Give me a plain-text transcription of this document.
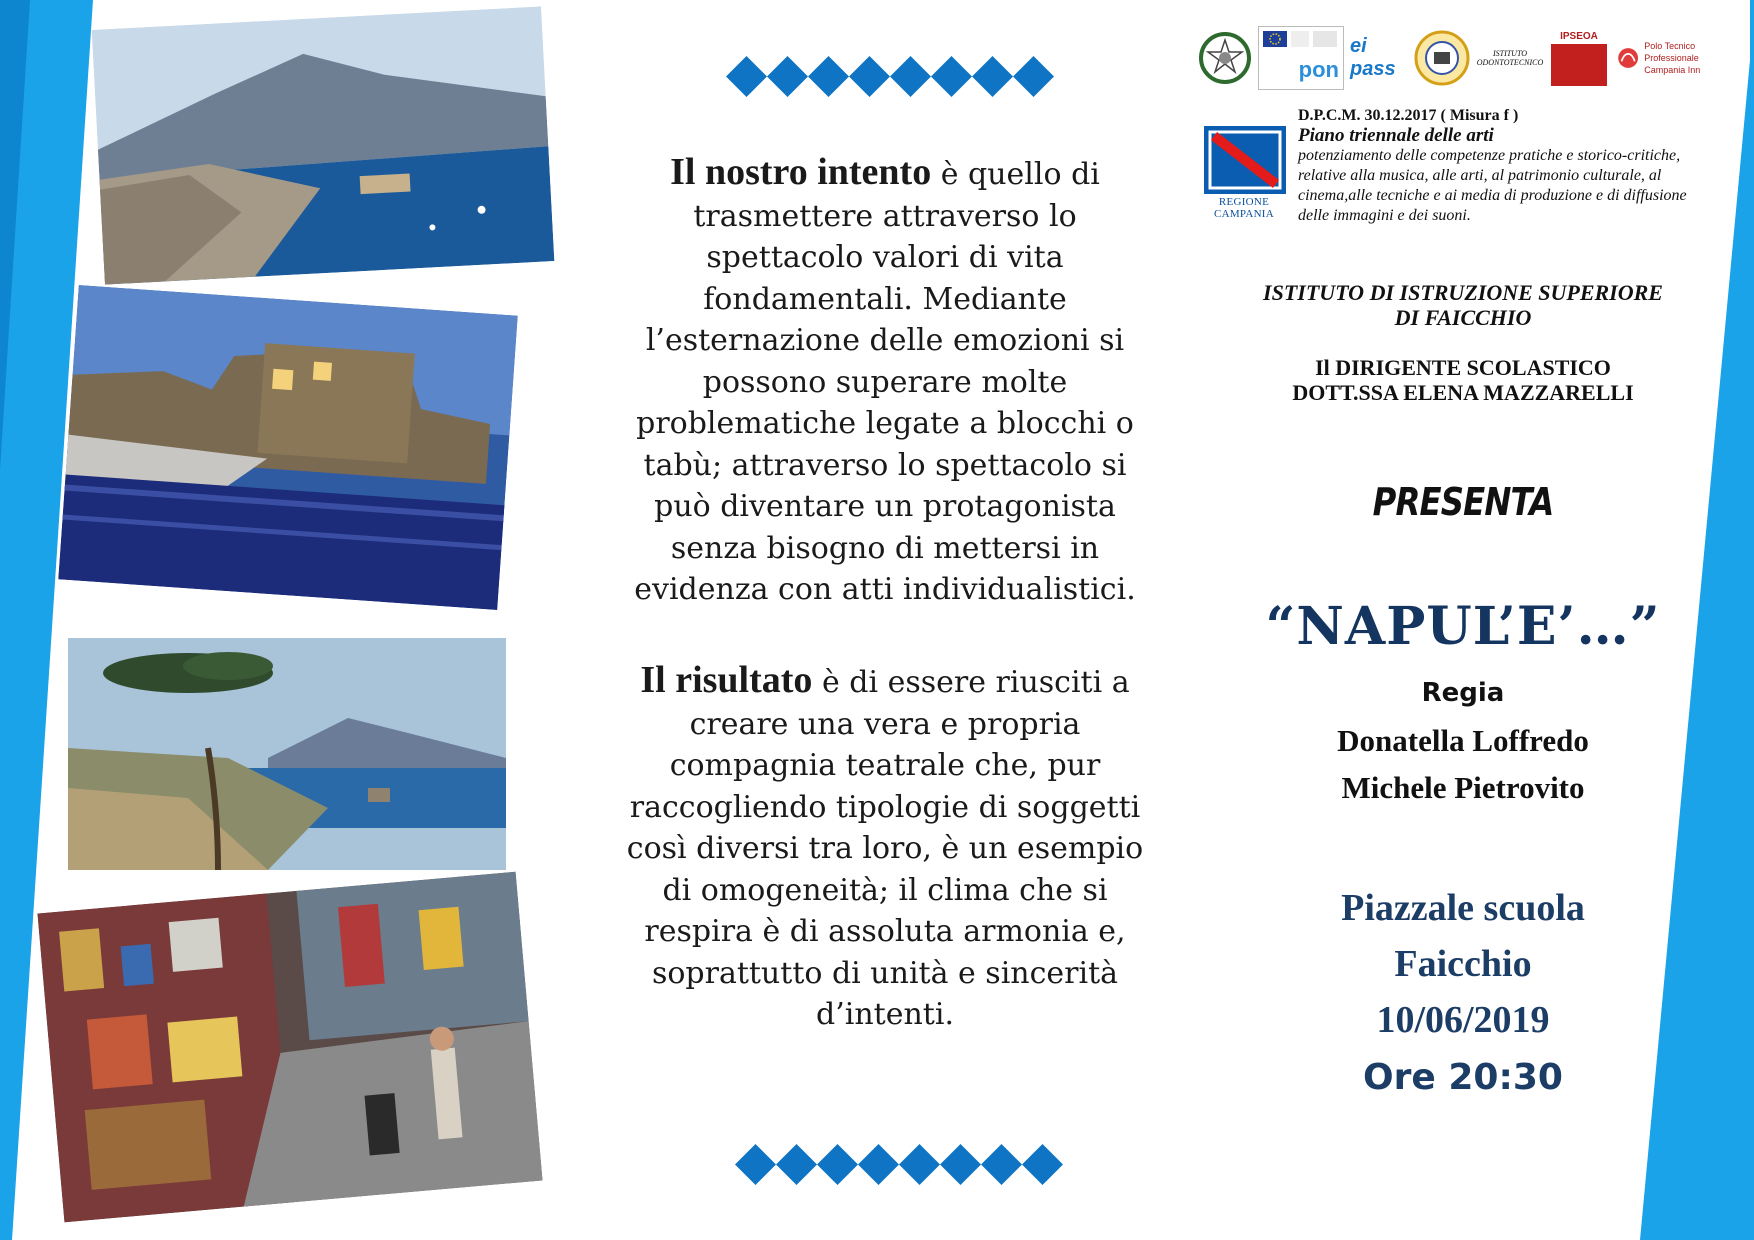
Il nostro intento è quello di trasmettere attraverso lo spettacolo valori di vita fondamentali. Mediante l’esternazione delle emozioni si possono superare molte problematiche legate a blocchi o tabù; attraverso lo spettacolo si può diventare un protagonista senza bisogno di mettersi in evidenza con atti individualistici.

Il risultato è di essere riusciti a creare una vera e propria compagnia teatrale che, pur raccogliendo tipologie di soggetti così diversi tra loro, è un esempio di omogeneità; il clima che si respira è di assoluta armonia e, soprattutto di unità e sincerità d’intenti.

pon
ei pass
ISTITUTO ODONTOTECNICO
IPSEOA
Polo Tecnico Professionale Campania Inn
REGIONE CAMPANIA
D.P.C.M. 30.12.2017 ( Misura f )
Piano triennale delle arti
potenziamento delle competenze pratiche e storico-critiche, relative alla musica, alle arti, al patrimonio culturale, al cinema,alle tecniche e ai media di produzione e di diffusione delle immagini e dei suoni.
ISTITUTO DI ISTRUZIONE SUPERIORE
DI FAICCHIO
Il DIRIGENTE SCOLASTICO
DOTT.SSA ELENA MAZZARELLI
PRESENTA
“NAPUL’E’…”
Regia
Donatella Loffredo
Michele Pietrovito
Piazzale scuola
Faicchio
10/06/2019
Ore 20:30
